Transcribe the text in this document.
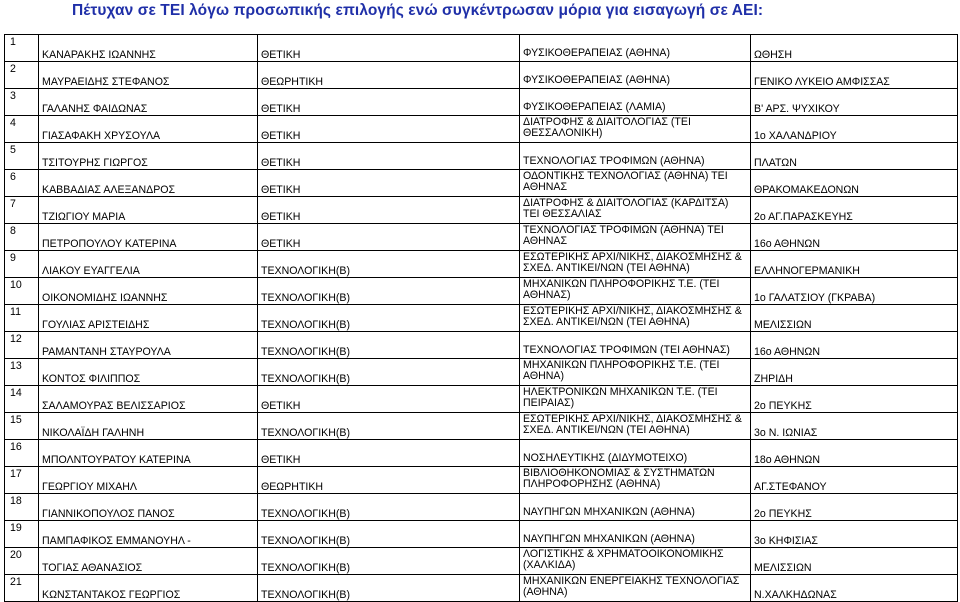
Πέτυχαν σε ΤΕΙ λόγω προσωπικής επιλογής ενώ συγκέντρωσαν μόρια για εισαγωγή σε ΑΕΙ:
1	ΚΑΝΑΡΑΚΗΣ ΙΩΑΝΝΗΣ	ΘΕΤΙΚΗ	ΦΥΣΙΚΟΘΕΡΑΠΕΙΑΣ (ΑΘΗΝΑ)	ΩΘΗΣΗ
2	ΜΑΥΡΑΕΙΔΗΣ ΣΤΕΦΑΝΟΣ	ΘΕΩΡΗΤΙΚΗ	ΦΥΣΙΚΟΘΕΡΑΠΕΙΑΣ (ΑΘΗΝΑ)	ΓΕΝΙΚΟ ΛΥΚΕΙΟ ΑΜΦΙΣΣΑΣ
3	ΓΑΛΑΝΗΣ ΦΑΙΔΩΝΑΣ	ΘΕΤΙΚΗ	ΦΥΣΙΚΟΘΕΡΑΠΕΙΑΣ (ΛΑΜΙΑ)	Β' ΑΡΣ. ΨΥΧΙΚΟΥ
4	ΓΙΑΣΑΦΑΚΗ ΧΡΥΣΟΥΛΑ	ΘΕΤΙΚΗ	ΔΙΑΤΡΟΦΗΣ & ΔΙΑΙΤΟΛΟΓΙΑΣ (ΤΕΙ ΘΕΣΣΑΛΟΝΙΚΗ)	1ο ΧΑΛΑΝΔΡΙΟΥ
5	ΤΣΙΤΟΥΡΗΣ ΓΙΩΡΓΟΣ	ΘΕΤΙΚΗ	ΤΕΧΝΟΛΟΓΙΑΣ ΤΡΟΦΙΜΩΝ (ΑΘΗΝΑ)	ΠΛΑΤΩΝ
6	ΚΑΒΒΑΔΙΑΣ ΑΛΕΞΑΝΔΡΟΣ	ΘΕΤΙΚΗ	ΟΔΟΝΤΙΚΗΣ ΤΕΧΝΟΛΟΓΙΑΣ (ΑΘΗΝΑ) ΤΕΙ ΑΘΗΝΑΣ	ΘΡΑΚΟΜΑΚΕΔΟΝΩΝ
7	ΤΖΙΩΓΙΟΥ ΜΑΡΙΑ	ΘΕΤΙΚΗ	ΔΙΑΤΡΟΦΗΣ & ΔΙΑΙΤΟΛΟΓΙΑΣ (ΚΑΡΔΙΤΣΑ) ΤΕΙ ΘΕΣΣΑΛΙΑΣ	2ο ΑΓ.ΠΑΡΑΣΚΕΥΗΣ
8	ΠΕΤΡΟΠΟΥΛΟΥ ΚΑΤΕΡΙΝΑ	ΘΕΤΙΚΗ	ΤΕΧΝΟΛΟΓΙΑΣ ΤΡΟΦΙΜΩΝ (ΑΘΗΝΑ) ΤΕΙ ΑΘΗΝΑΣ	16ο ΑΘΗΝΩΝ
9	ΛΙΑΚΟΥ ΕΥΑΓΓΕΛΙΑ	ΤΕΧΝΟΛΟΓΙΚΗ(Β)	ΕΣΩΤΕΡΙΚΗΣ ΑΡΧΙ/ΝΙΚΗΣ, ΔΙΑΚΟΣΜΗΣΗΣ & ΣΧΕΔ. ΑΝΤΙΚΕΙ/ΝΩΝ (ΤΕΙ ΑΘΗΝΑ)	ΕΛΛΗΝΟΓΕΡΜΑΝΙΚΗ
10	ΟΙΚΟΝΟΜΙΔΗΣ ΙΩΑΝΝΗΣ	ΤΕΧΝΟΛΟΓΙΚΗ(Β)	ΜΗΧΑΝΙΚΩΝ ΠΛΗΡΟΦΟΡΙΚΗΣ Τ.Ε. (ΤΕΙ ΑΘΗΝΑΣ)	1ο ΓΑΛΑΤΣΙΟΥ (ΓΚΡΑΒΑ)
11	ΓΟΥΛΙΑΣ ΑΡΙΣΤΕΙΔΗΣ	ΤΕΧΝΟΛΟΓΙΚΗ(Β)	ΕΣΩΤΕΡΙΚΗΣ ΑΡΧΙ/ΝΙΚΗΣ, ΔΙΑΚΟΣΜΗΣΗΣ & ΣΧΕΔ. ΑΝΤΙΚΕΙ/ΝΩΝ (ΤΕΙ ΑΘΗΝΑ)	ΜΕΛΙΣΣΙΩΝ
12	ΡΑΜΑΝΤΑΝΗ ΣΤΑΥΡΟΥΛΑ	ΤΕΧΝΟΛΟΓΙΚΗ(Β)	ΤΕΧΝΟΛΟΓΙΑΣ ΤΡΟΦΙΜΩΝ (ΤΕΙ ΑΘΗΝΑΣ)	16ο ΑΘΗΝΩΝ
13	ΚΟΝΤΟΣ ΦΙΛΙΠΠΟΣ	ΤΕΧΝΟΛΟΓΙΚΗ(Β)	ΜΗΧΑΝΙΚΩΝ ΠΛΗΡΟΦΟΡΙΚΗΣ Τ.Ε. (ΤΕΙ ΑΘΗΝΑ)	ΖΗΡΙΔΗ
14	ΣΑΛΑΜΟΥΡΑΣ ΒΕΛΙΣΣΑΡΙΟΣ	ΘΕΤΙΚΗ	ΗΛΕΚΤΡΟΝΙΚΩΝ ΜΗΧΑΝΙΚΩΝ Τ.Ε. (ΤΕΙ ΠΕΙΡΑΙΑΣ)	2ο ΠΕΥΚΗΣ
15	ΝΙΚΟΛΑΪΔΗ ΓΑΛΗΝΗ	ΤΕΧΝΟΛΟΓΙΚΗ(Β)	ΕΣΩΤΕΡΙΚΗΣ ΑΡΧΙ/ΝΙΚΗΣ, ΔΙΑΚΟΣΜΗΣΗΣ & ΣΧΕΔ. ΑΝΤΙΚΕΙ/ΝΩΝ (ΤΕΙ ΑΘΗΝΑ)	3ο Ν. ΙΩΝΙΑΣ
16	ΜΠΟΛΝΤΟΥΡΑΤΟΥ ΚΑΤΕΡΙΝΑ	ΘΕΤΙΚΗ	ΝΟΣΗΛΕΥΤΙΚΗΣ (ΔΙΔΥΜΟΤΕΙΧΟ)	18ο ΑΘΗΝΩΝ
17	ΓΕΩΡΓΙΟΥ ΜΙΧΑΗΛ	ΘΕΩΡΗΤΙΚΗ	ΒΙΒΛΙΟΘΗΚΟΝΟΜΙΑΣ & ΣΥΣΤΗΜΑΤΩΝ ΠΛΗΡΟΦΟΡΗΣΗΣ (ΑΘΗΝΑ)	ΑΓ.ΣΤΕΦΑΝΟΥ
18	ΓΙΑΝΝΙΚΟΠΟΥΛΟΣ ΠΑΝΟΣ	ΤΕΧΝΟΛΟΓΙΚΗ(Β)	ΝΑΥΠΗΓΩΝ ΜΗΧΑΝΙΚΩΝ (ΑΘΗΝΑ)	2ο ΠΕΥΚΗΣ
19	ΠΑΜΠΑΦΙΚΟΣ ΕΜΜΑΝΟΥΗΛ -	ΤΕΧΝΟΛΟΓΙΚΗ(Β)	ΝΑΥΠΗΓΩΝ ΜΗΧΑΝΙΚΩΝ (ΑΘΗΝΑ)	3ο ΚΗΦΙΣΙΑΣ
20	ΤΟΓΙΑΣ ΑΘΑΝΑΣΙΟΣ	ΤΕΧΝΟΛΟΓΙΚΗ(Β)	ΛΟΓΙΣΤΙΚΗΣ & ΧΡΗΜΑΤΟΟΙΚΟΝΟΜΙΚΗΣ (ΧΑΛΚΙΔΑ)	ΜΕΛΙΣΣΙΩΝ
21	ΚΩΝΣΤΑΝΤΑΚΟΣ ΓΕΩΡΓΙΟΣ	ΤΕΧΝΟΛΟΓΙΚΗ(Β)	ΜΗΧΑΝΙΚΩΝ ΕΝΕΡΓΕΙΑΚΗΣ ΤΕΧΝΟΛΟΓΙΑΣ (ΑΘΗΝΑ)	Ν.ΧΑΛΚΗΔΩΝΑΣ
